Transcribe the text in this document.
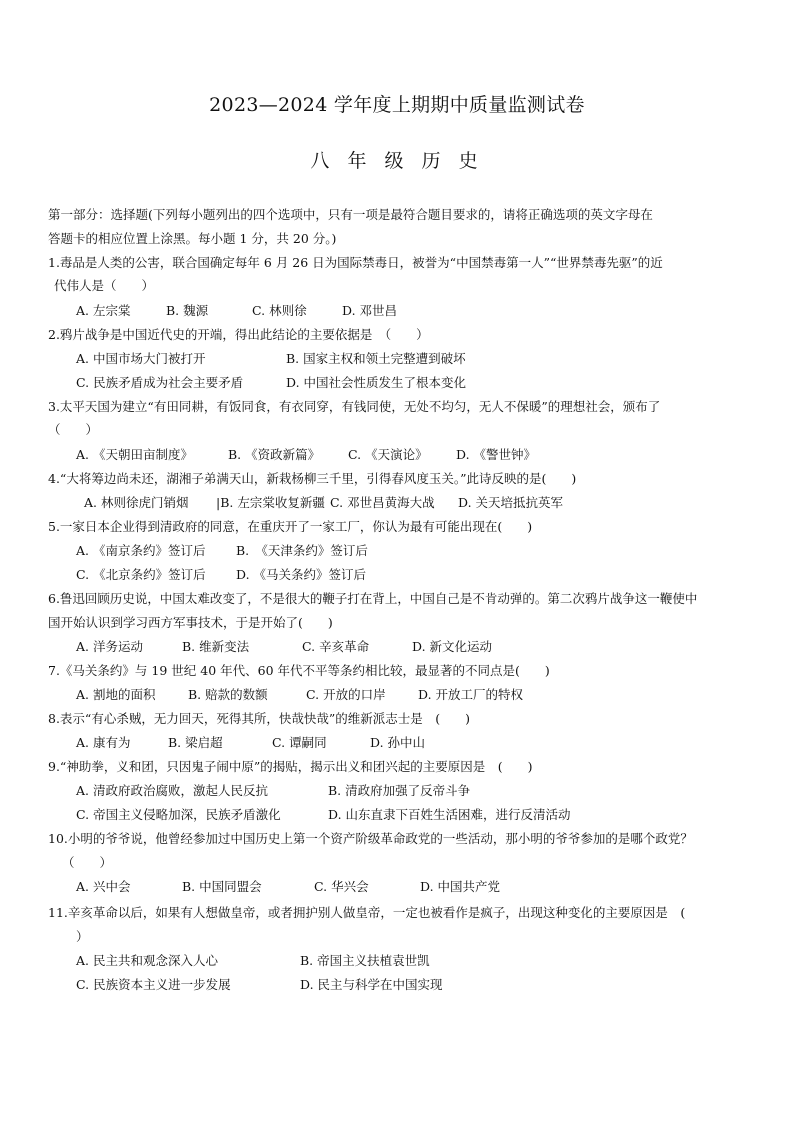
2023—2024 学年度上期期中质量监测试卷
八 年 级 历 史
第一部分：选择题(下列每小题列出的四个选项中，只有一项是最符合题目要求的，请将正确选项的英文字母在
答题卡的相应位置上涂黑。每小题 1 分，共 20 分。)
1.毒品是人类的公害，联合国确定每年 6 月 26 日为国际禁毒日，被誉为“中国禁毒第一人”“世界禁毒先驱”的近
代伟人是（　　）
A. 左宗棠	B. 魏源	C. 林则徐	D. 邓世昌
2.鸦片战争是中国近代史的开端，得出此结论的主要依据是　（　　）
A. 中国市场大门被打开	B. 国家主权和领土完整遭到破坏
C. 民族矛盾成为社会主要矛盾	D. 中国社会性质发生了根本变化
3.太平天国为建立“有田同耕，有饭同食，有衣同穿，有钱同使，无处不均匀，无人不保暖”的理想社会，颁布了
（　　）
A. 《天朝田亩制度》	B. 《资政新篇》 C. 《天演论》 D. 《警世钟》
4.“大将筹边尚未还，湖湘子弟满天山，新栽杨柳三千里，引得春风度玉关。”此诗反映的是(　　)
A. 林则徐虎门销烟 |B. 左宗棠收复新疆 C. 邓世昌黄海大战 D. 关天培抵抗英军
5.一家日本企业得到清政府的同意，在重庆开了一家工厂，你认为最有可能出现在(　　)
A. 《南京条约》签订后 B.　《天津条约》签订后
C. 《北京条约》签订后 D. 《马关条约》签订后
6.鲁迅回顾历史说，中国太难改变了，不是很大的鞭子打在背上，中国自己是不肯动弹的。第二次鸦片战争这一鞭使中
国开始认识到学习西方军事技术，于是开始了(　　)
A. 洋务运动	B. 维新变法	C. 辛亥革命	D. 新文化运动
7.《马关条约》与 19 世纪 40 年代、60 年代不平等条约相比较，最显著的不同点是(　　)
A. 割地的面积	B. 赔款的数额	C. 开放的口岸	D. 开放工厂的特权
8.表示“有心杀贼，无力回天，死得其所，快哉快哉”的维新派志士是　(　　)
A. 康有为	B. 梁启超	C. 谭嗣同	D. 孙中山
9.“神助拳，义和团，只因鬼子闹中原”的揭贴，揭示出义和团兴起的主要原因是　(　　)
A. 清政府政治腐败，激起人民反抗	B. 清政府加强了反帝斗争
C. 帝国主义侵略加深，民族矛盾激化	D. 山东直隶下百姓生活困难，进行反清活动
10.小明的爷爷说，他曾经参加过中国历史上第一个资产阶级革命政党的一些活动，那小明的爷爷参加的是哪个政党？
（　　）
A. 兴中会	B. 中国同盟会	C. 华兴会	D. 中国共产党
11.辛亥革命以后，如果有人想做皇帝，或者拥护别人做皇帝，一定也被看作是疯子，出现这种变化的主要原因是　(
）
A. 民主共和观念深入人心	B. 帝国主义扶植袁世凯
C. 民族资本主义进一步发展	D. 民主与科学在中国实现
